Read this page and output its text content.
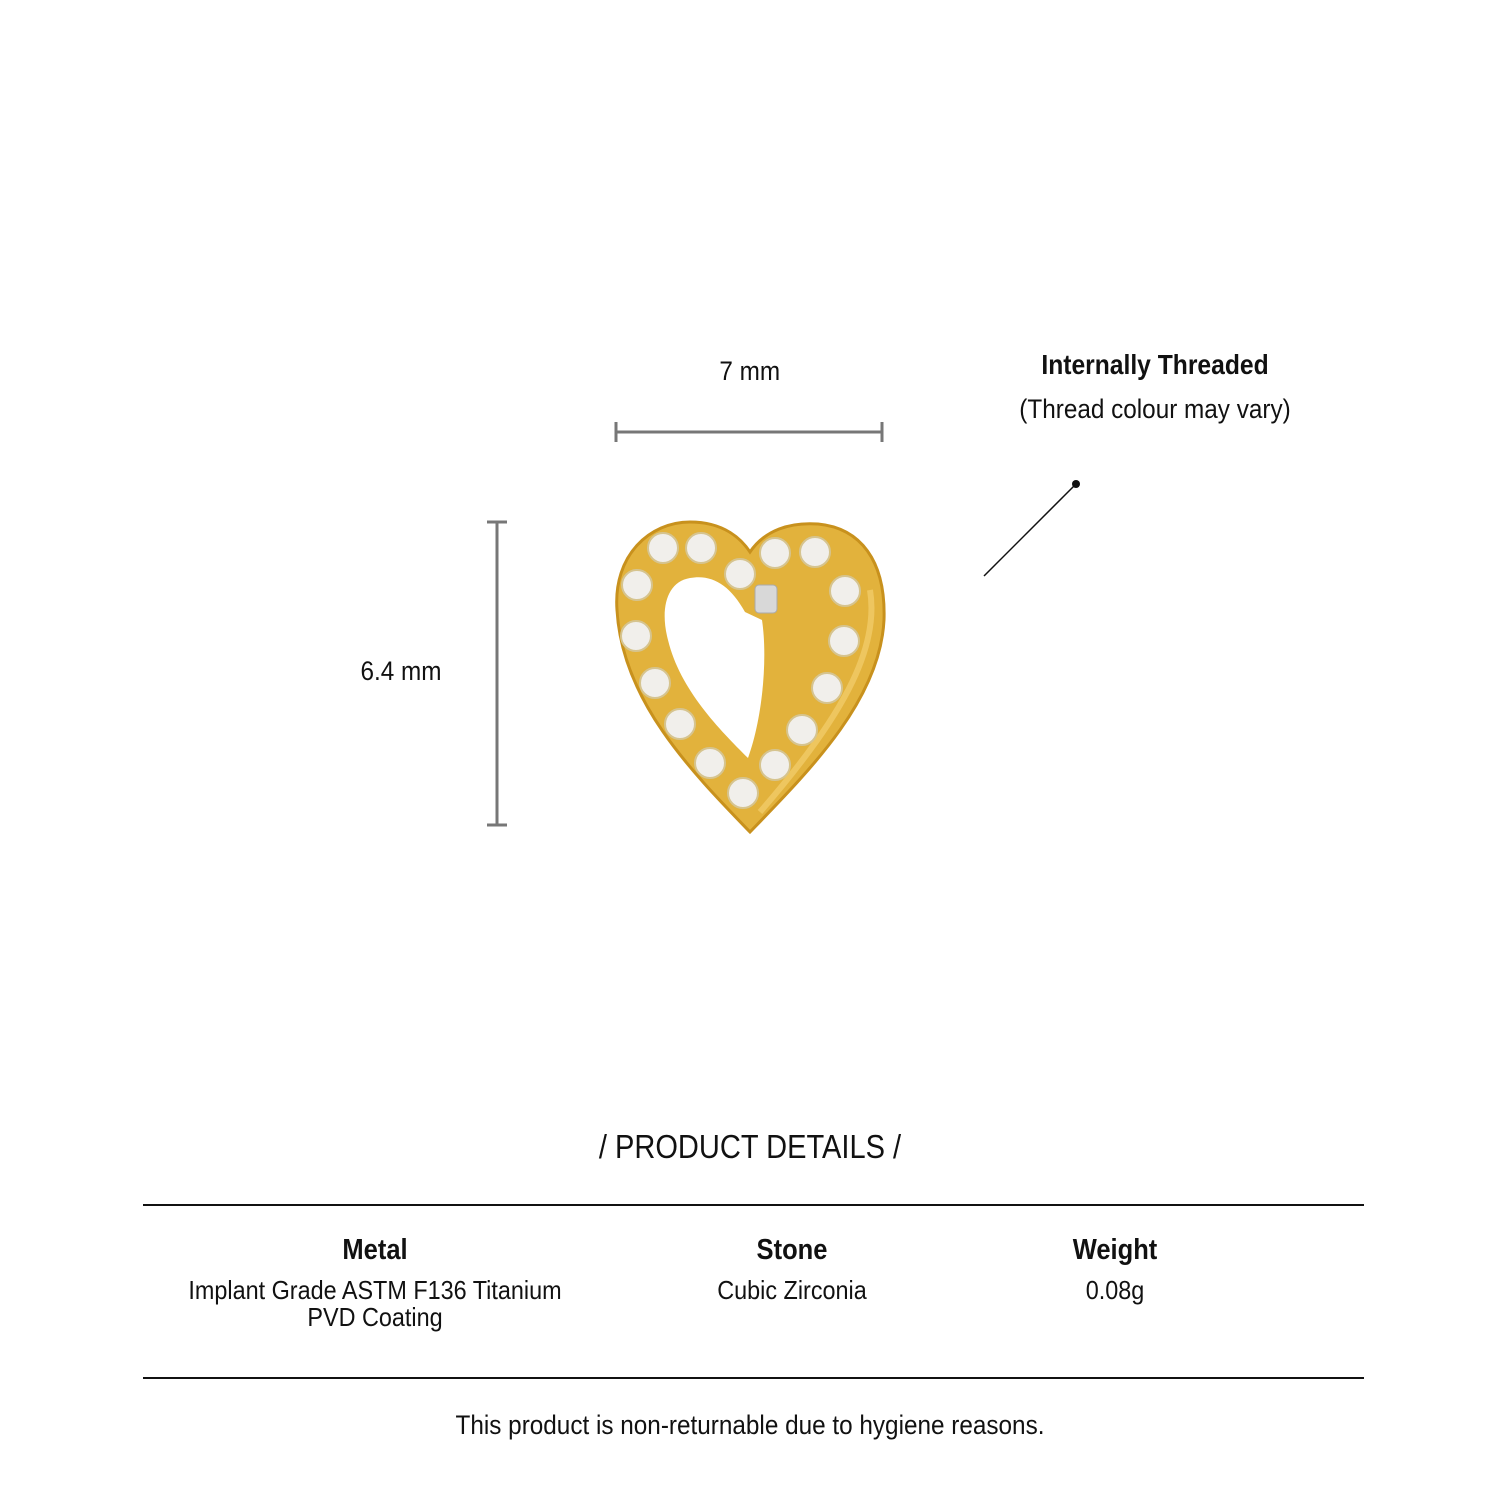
7 mm
6.4 mm
Internally Threaded
(Thread colour may vary)
/ PRODUCT DETAILS /
Metal
Implant Grade ASTM F136 Titanium
PVD Coating
Stone
Cubic Zirconia
Weight
0.08g
This product is non-returnable due to hygiene reasons.
